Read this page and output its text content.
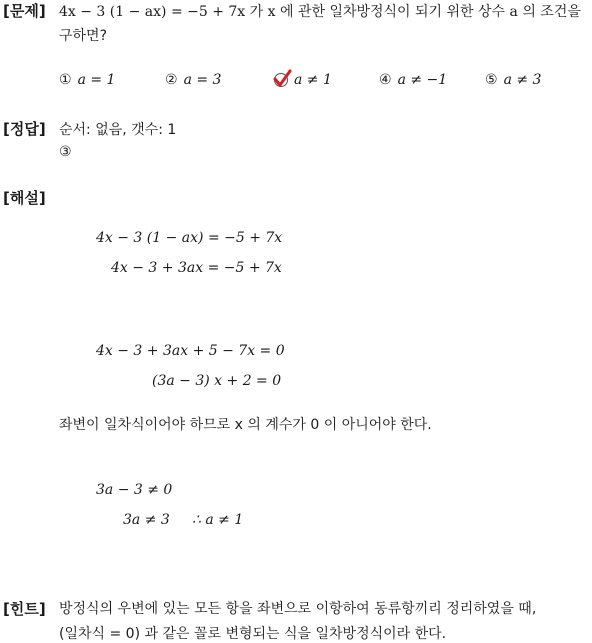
[문제] 4x − 3 (1 − ax) = −5 + 7x 가 x 에 관한 일차방정식이 되기 위한 상수 a 의 조건을
구하면?
① a = 1	② a = 3	a ≠ 1	④ a ≠ −1	⑤ a ≠ 3
[정답] 순서: 없음, 갯수: 1
③
[해설]
4x − 3 (1 − ax) = −5 + 7x
4x − 3 + 3ax = −5 + 7x
4x − 3 + 3ax + 5 − 7x = 0
(3a − 3) x + 2 = 0
좌변이 일차식이어야 하므로 x 의 계수가 0 이 아니어야 한다.
3a − 3 ≠ 0
3a ≠ 3 ∴ a ≠ 1
[힌트] 방정식의 우변에 있는 모든 항을 좌변으로 이항하여 동류항끼리 정리하였을 때,
(일차식 = 0) 과 같은 꼴로 변형되는 식을 일차방정식이라 한다.
